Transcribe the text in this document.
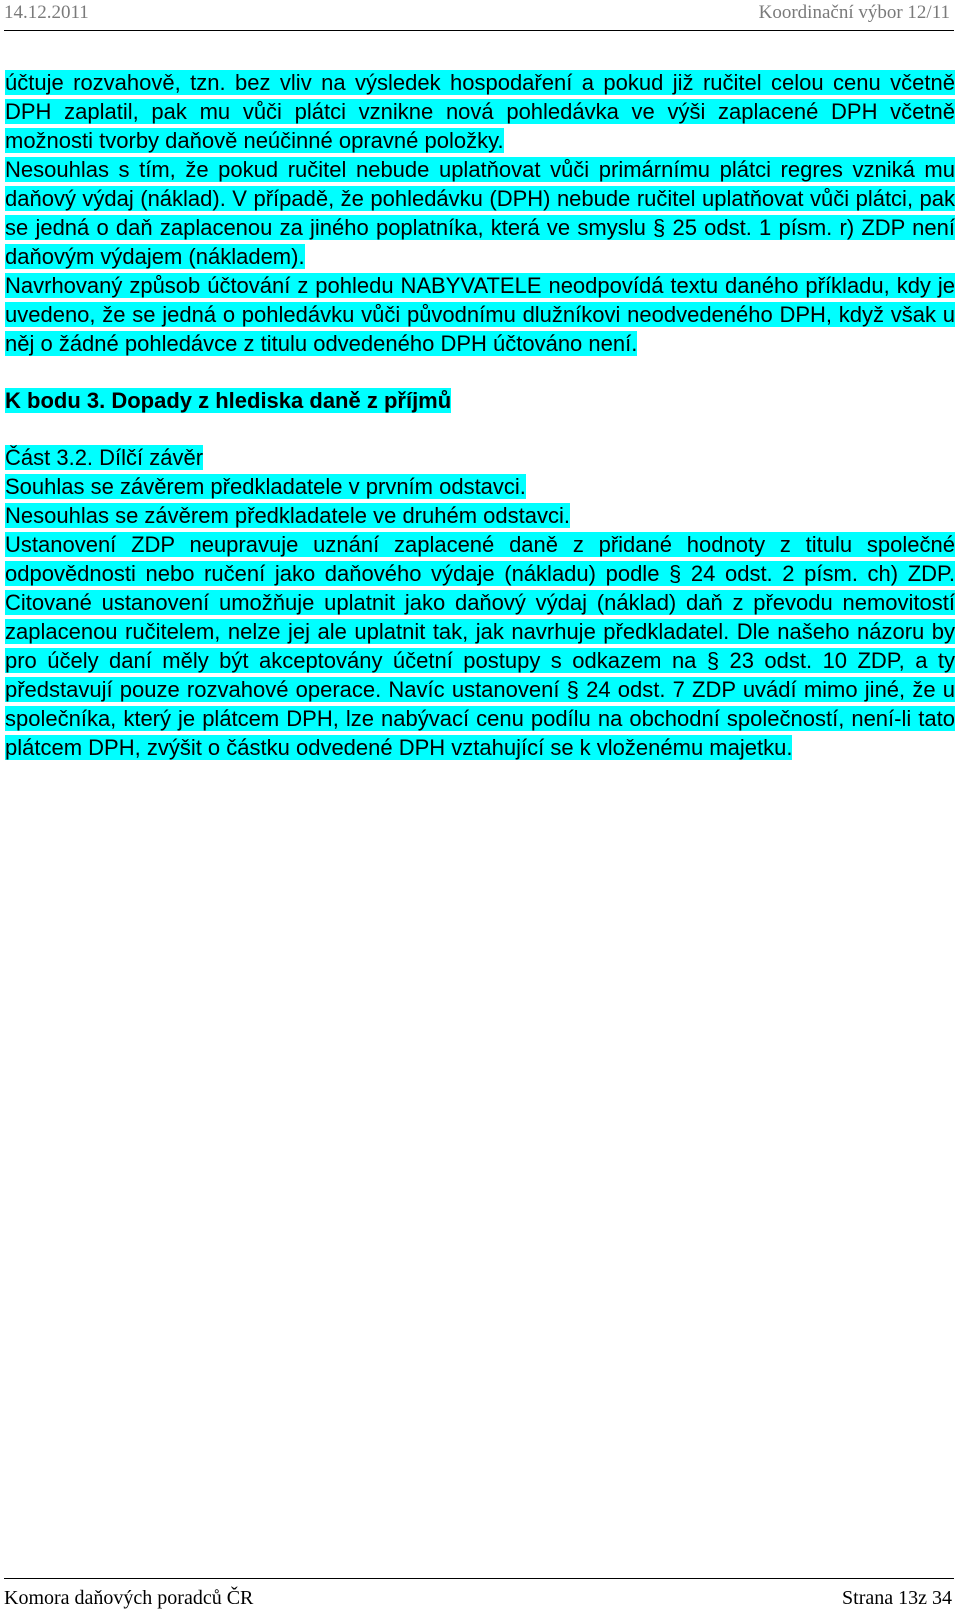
14.12.2011	Koordinační výbor 12/11

účtuje rozvahově, tzn. bez vliv na výsledek hospodaření a pokud již ručitel celou cenu včetně DPH zaplatil, pak mu vůči plátci vznikne nová pohledávka ve výši zaplacené DPH včetně možnosti tvorby daňově neúčinné opravné položky.

Nesouhlas s tím, že pokud ručitel nebude uplatňovat vůči primárnímu plátci regres vzniká mu daňový výdaj (náklad). V případě, že pohledávku (DPH) nebude ručitel uplatňovat vůči plátci, pak se jedná o daň zaplacenou za jiného poplatníka, která ve smyslu § 25 odst. 1 písm. r) ZDP není daňovým výdajem (nákladem).

Navrhovaný způsob účtování z pohledu NABYVATELE neodpovídá textu daného příkladu, kdy je uvedeno, že se jedná o pohledávku vůči původnímu dlužníkovi neodvedeného DPH, když však u něj o žádné pohledávce z titulu odvedeného DPH účtováno není.

K bodu 3. Dopady z hlediska daně z příjmů

Část 3.2. Dílčí závěr

Souhlas se závěrem předkladatele v prvním odstavci.

Nesouhlas se závěrem předkladatele ve druhém odstavci.

Ustanovení ZDP neupravuje uznání zaplacené daně z přidané hodnoty z titulu společné odpovědnosti nebo ručení jako daňového výdaje (nákladu) podle § 24 odst. 2 písm. ch) ZDP. Citované ustanovení umožňuje uplatnit jako daňový výdaj (náklad) daň z převodu nemovitostí zaplacenou ručitelem, nelze jej ale uplatnit tak, jak navrhuje předkladatel. Dle našeho názoru by pro účely daní měly být akceptovány účetní postupy s odkazem na § 23 odst. 10 ZDP, a ty představují pouze rozvahové operace. Navíc ustanovení § 24 odst. 7 ZDP uvádí mimo jiné, že u společníka, který je plátcem DPH, lze nabývací cenu podílu na obchodní společností, není-li tato plátcem DPH, zvýšit o částku odvedené DPH vztahující se k vloženému majetku.

Komora daňových poradců ČR	Strana 13z 34
